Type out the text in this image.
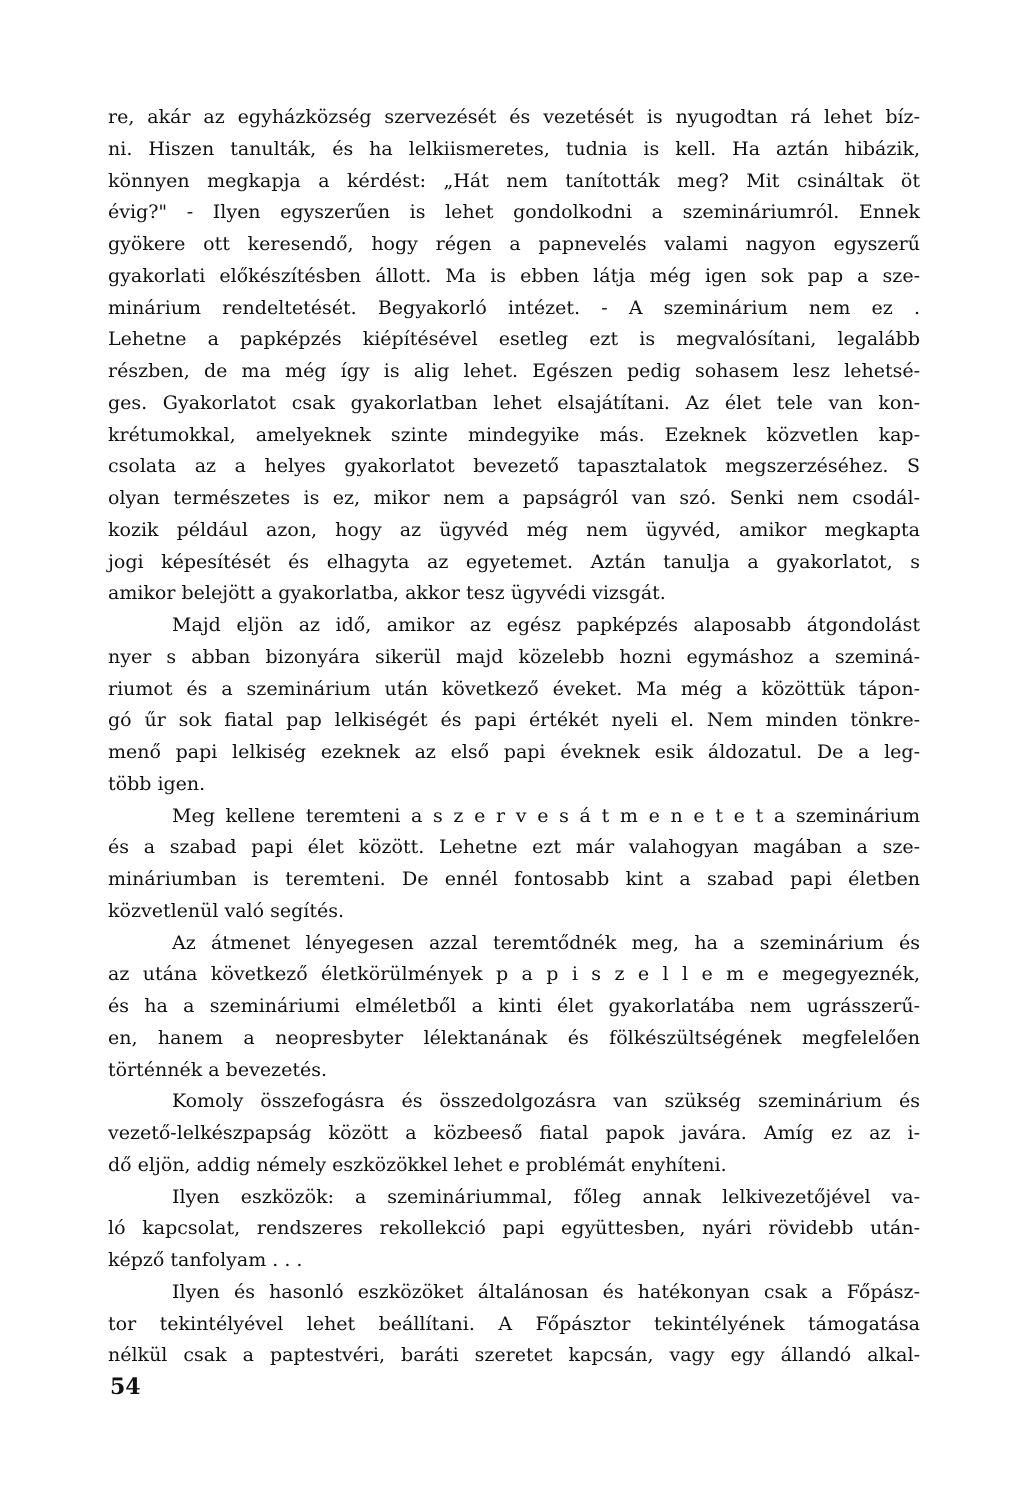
re, akár az egyházközség szervezését és vezetését is nyugodtan rá lehet bíz-
ni. Hiszen tanulták, és ha lelkiismeretes, tudnia is kell. Ha aztán hibázik,
könnyen megkapja a kérdést: „Hát nem tanították meg? Mit csináltak öt
évig?" - Ilyen egyszerűen is lehet gondolkodni a szemináriumról. Ennek
gyökere ott keresendő, hogy régen a papnevelés valami nagyon egyszerű
gyakorlati előkészítésben állott. Ma is ebben látja még igen sok pap a sze-
minárium rendeltetését. Begyakorló intézet. - A szeminárium nem ez .
Lehetne a papképzés kiépítésével esetleg ezt is megvalósítani, legalább
részben, de ma még így is alig lehet. Egészen pedig sohasem lesz lehetsé-
ges. Gyakorlatot csak gyakorlatban lehet elsajátítani. Az élet tele van kon-
krétumokkal, amelyeknek szinte mindegyike más. Ezeknek közvetlen kap-
csolata az a helyes gyakorlatot bevezető tapasztalatok megszerzéséhez. S
olyan természetes is ez, mikor nem a papságról van szó. Senki nem csodál-
kozik például azon, hogy az ügyvéd még nem ügyvéd, amikor megkapta
jogi képesítését és elhagyta az egyetemet. Aztán tanulja a gyakorlatot, s
amikor belejött a gyakorlatba, akkor tesz ügyvédi vizsgát.
Majd eljön az idő, amikor az egész papképzés alaposabb átgondolást
nyer s abban bizonyára sikerül majd közelebb hozni egymáshoz a szeminá-
riumot és a szeminárium után következő éveket. Ma még a közöttük tápon-
gó űr sok fiatal pap lelkiségét és papi értékét nyeli el. Nem minden tönkre-
menő papi lelkiség ezeknek az első papi éveknek esik áldozatul. De a leg-
több igen.
Meg kellene teremteni a s z e r v e s á t m e n e t e t a szeminárium
és a szabad papi élet között. Lehetne ezt már valahogyan magában a sze-
mináriumban is teremteni. De ennél fontosabb kint a szabad papi életben
közvetlenül való segítés.
Az átmenet lényegesen azzal teremtődnék meg, ha a szeminárium és
az utána következő életkörülmények p a p i s z e l l e m e megegyeznék,
és ha a szemináriumi elméletből a kinti élet gyakorlatába nem ugrásszerű-
en, hanem a neopresbyter lélektanának és fölkészültségének megfelelően
történnék a bevezetés.
Komoly összefogásra és összedolgozásra van szükség szeminárium és
vezető-lelkészpapság között a közbeeső fiatal papok javára. Amíg ez az i-
dő eljön, addig némely eszközökkel lehet e problémát enyhíteni.
Ilyen eszközök: a szemináriummal, főleg annak lelkivezetőjével va-
ló kapcsolat, rendszeres rekollekció papi együttesben, nyári rövidebb után-
képző tanfolyam . . .
Ilyen és hasonló eszközöket általánosan és hatékonyan csak a Főpász-
tor tekintélyével lehet beállítani. A Főpásztor tekintélyének támogatása
nélkül csak a paptestvéri, baráti szeretet kapcsán, vagy egy állandó alkal-
54
